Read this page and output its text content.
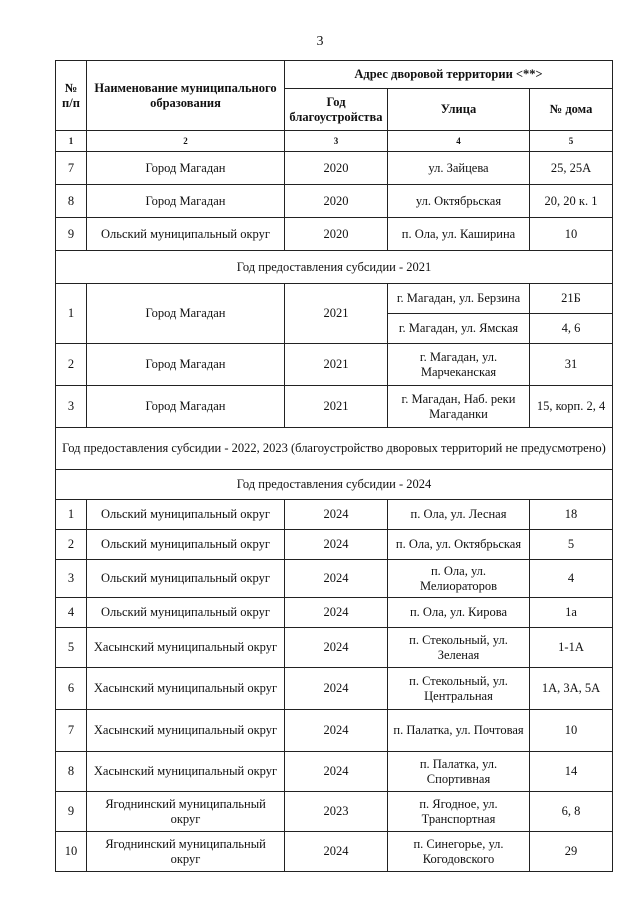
3
№ п/п	Наименование муниципального образования	Адрес дворовой территории <**>		
		Год благоустройства	Улица	№ дома
1	2	3	4	5
7	Город Магадан	2020	ул. Зайцева	25, 25А
8	Город Магадан	2020	ул. Октябрьская	20, 20 к. 1
9	Ольский муниципальный округ	2020	п. Ола, ул. Каширина	10
Год предоставления субсидии - 2021				
1	Город Магадан	2021	г. Магадан, ул. Берзина	21Б
			г. Магадан, ул. Ямская	4, 6
2	Город Магадан	2021	г. Магадан, ул. Марчеканская	31
3	Город Магадан	2021	г. Магадан, Наб. реки Магаданки	15, корп. 2, 4
Год предоставления субсидии - 2022, 2023 (благоустройство дворовых территорий не предусмотрено)				
Год предоставления субсидии - 2024				
1	Ольский муниципальный округ	2024	п. Ола, ул. Лесная	18
2	Ольский муниципальный округ	2024	п. Ола, ул. Октябрьская	5
3	Ольский муниципальный округ	2024	п. Ола, ул. Мелиораторов	4
4	Ольский муниципальный округ	2024	п. Ола, ул. Кирова	1а
5	Хасынский муниципальный округ	2024	п. Стекольный, ул. Зеленая	1-1А
6	Хасынский муниципальный округ	2024	п. Стекольный, ул. Центральная	1А, 3А, 5А
7	Хасынский муниципальный округ	2024	п. Палатка, ул. Почтовая	10
8	Хасынский муниципальный округ	2024	п. Палатка, ул. Спортивная	14
9	Ягоднинский муниципальный округ	2023	п. Ягодное, ул. Транспортная	6, 8
10	Ягоднинский муниципальный округ	2024	п. Синегорье, ул. Когодовского	29
